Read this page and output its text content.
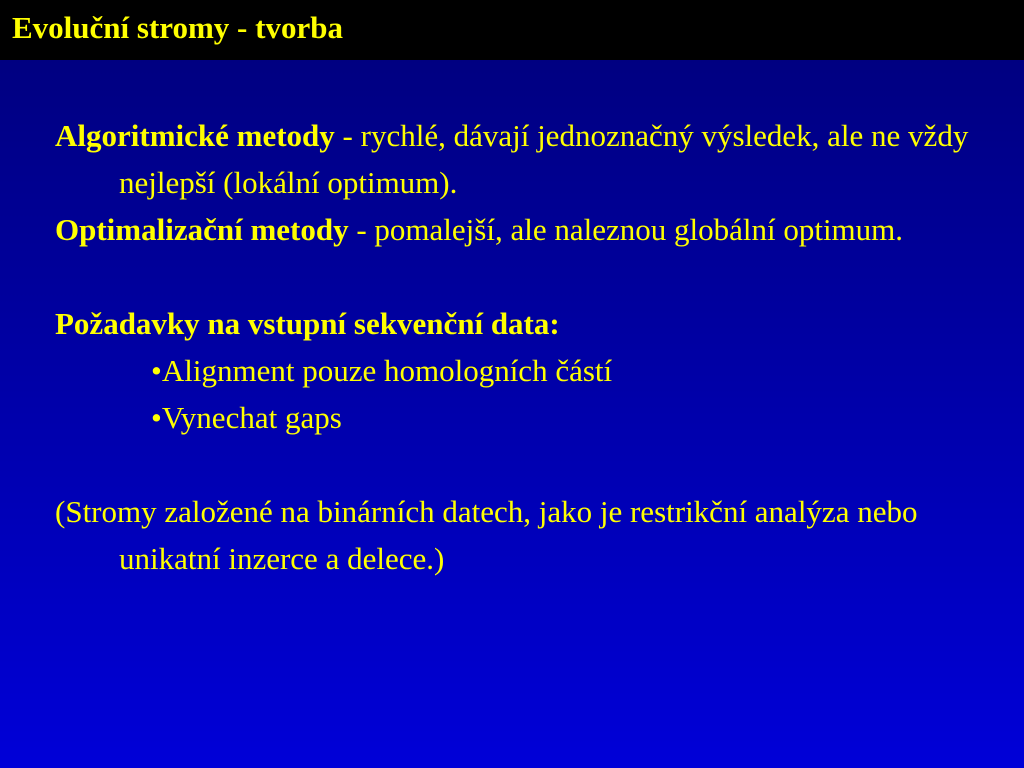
Evoluční stromy - tvorba

Algoritmické metody - rychlé, dávají jednoznačný výsledek, ale ne vždy nejlepší (lokální optimum).

Optimalizační metody - pomalejší, ale naleznou globální optimum.

Požadavky na vstupní sekvenční data:

•Alignment pouze homologních částí

•Vynechat gaps

(Stromy založené na binárních datech, jako je restrikční analýza nebo unikatní inzerce a delece.)
